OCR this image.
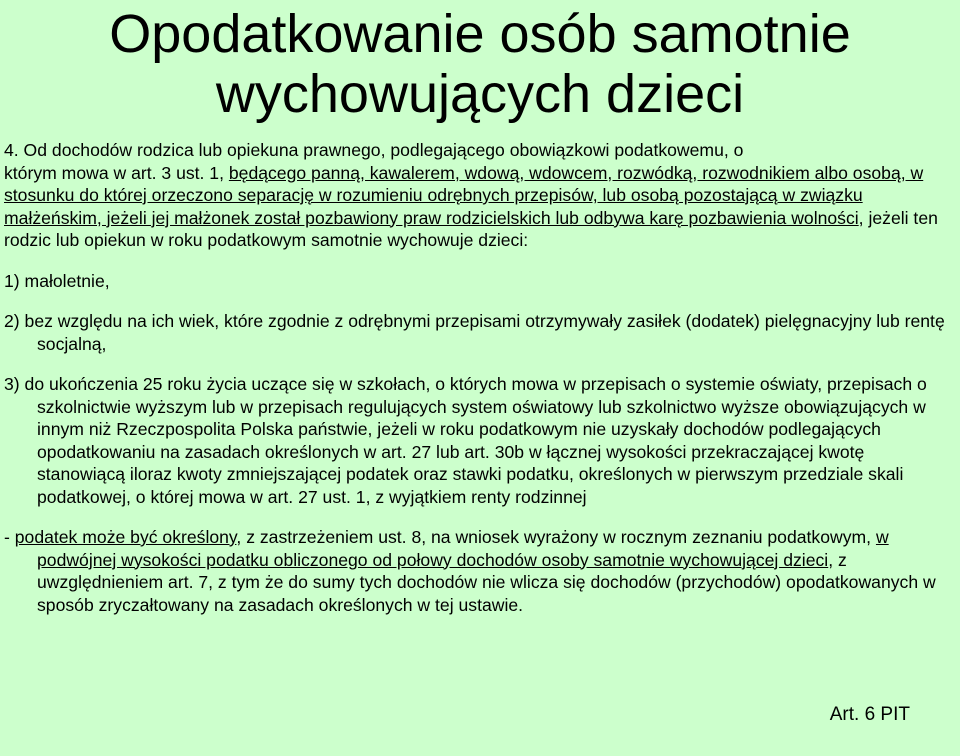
Opodatkowanie osób samotnie
wychowujących dzieci

4. Od dochodów rodzica lub opiekuna prawnego, podlegającego obowiązkowi podatkowemu, o
którym mowa w art. 3 ust. 1, będącego panną, kawalerem, wdową, wdowcem, rozwódką, rozwodnikiem albo osobą, w stosunku do której orzeczono separację w rozumieniu odrębnych przepisów, lub osobą pozostającą w związku małżeńskim, jeżeli jej małżonek został pozbawiony praw rodzicielskich lub odbywa karę pozbawienia wolności, jeżeli ten rodzic lub opiekun w roku podatkowym samotnie wychowuje dzieci:

1) małoletnie,

2) bez względu na ich wiek, które zgodnie z odrębnymi przepisami otrzymywały zasiłek (dodatek) pielęgnacyjny lub rentę socjalną,

3) do ukończenia 25 roku życia uczące się w szkołach, o których mowa w przepisach o systemie oświaty, przepisach o szkolnictwie wyższym lub w przepisach regulujących system oświatowy lub szkolnictwo wyższe obowiązujących w innym niż Rzeczpospolita Polska państwie, jeżeli w roku podatkowym nie uzyskały dochodów podlegających opodatkowaniu na zasadach określonych w art. 27 lub art. 30b w łącznej wysokości przekraczającej kwotę stanowiącą iloraz kwoty zmniejszającej podatek oraz stawki podatku, określonych w pierwszym przedziale skali podatkowej, o której mowa w art. 27 ust. 1, z wyjątkiem renty rodzinnej

- podatek może być określony, z zastrzeżeniem ust. 8, na wniosek wyrażony w rocznym zeznaniu podatkowym, w podwójnej wysokości podatku obliczonego od połowy dochodów osoby samotnie wychowującej dzieci, z uwzględnieniem art. 7, z tym że do sumy tych dochodów nie wlicza się dochodów (przychodów) opodatkowanych w sposób zryczałtowany na zasadach określonych w tej ustawie.

Art. 6 PIT
